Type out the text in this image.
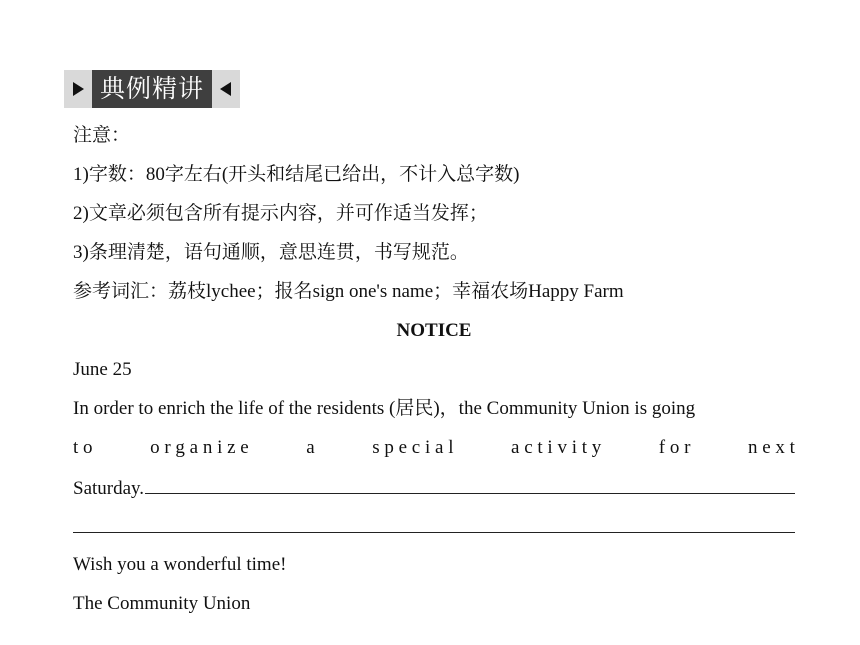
典例精讲
注意：
1)字数：80字左右(开头和结尾已给出，不计入总字数)
2)文章必须包含所有提示内容，并可作适当发挥；
3)条理清楚，语句通顺，意思连贯，书写规范。
参考词汇：荔枝lychee；报名sign one's name；幸福农场Happy Farm
NOTICE
June 25
In order to enrich the life of the residents (居民)，the Community Union is going
t o	o r g a n i z e	a	s p e c i a l	a c t i v i t y	f o r	n e x t
Saturday.
Wish you a wonderful time!
The Community Union
